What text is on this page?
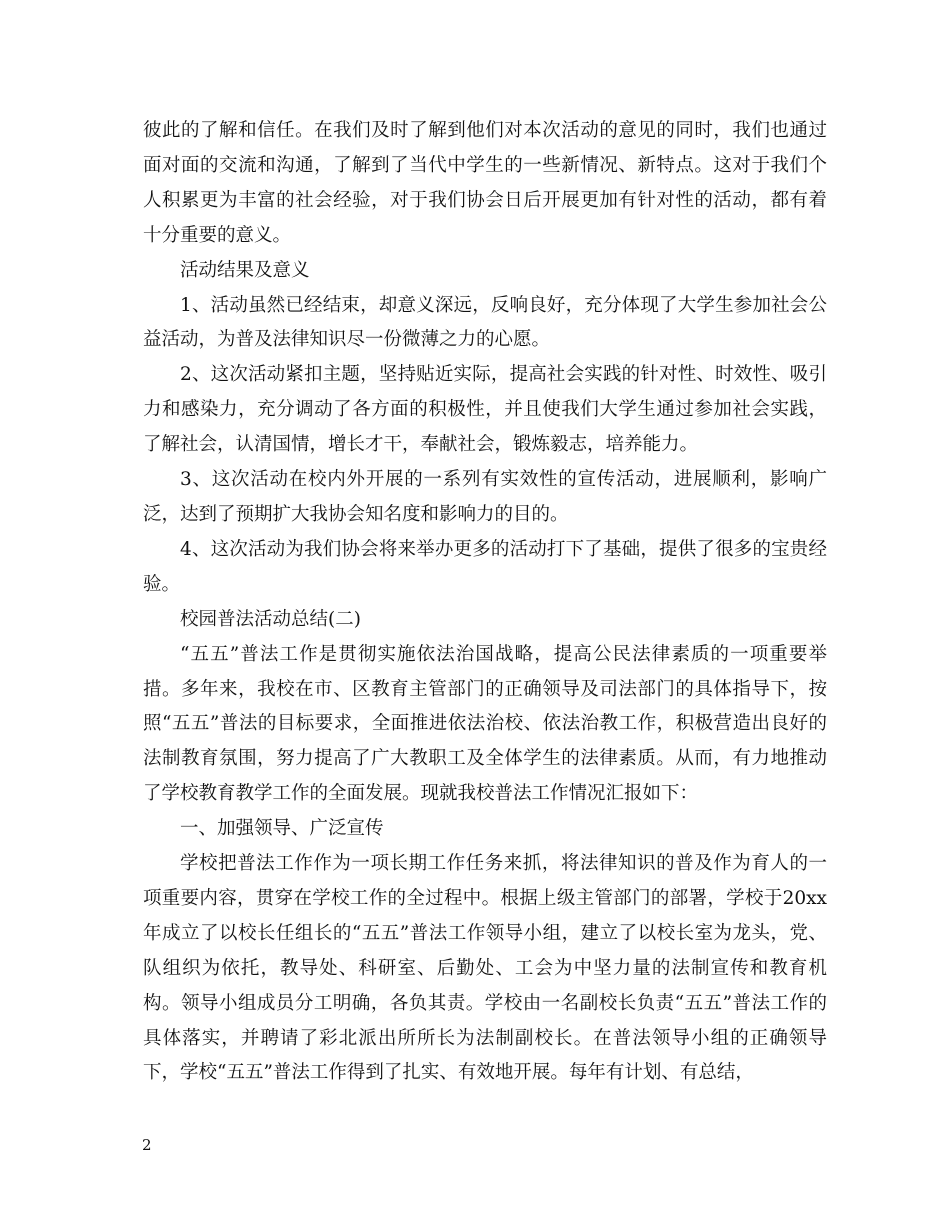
彼此的了解和信任。在我们及时了解到他们对本次活动的意见的同时，我们也通过面对面的交流和沟通，了解到了当代中学生的一些新情况、新特点。这对于我们个人积累更为丰富的社会经验，对于我们协会日后开展更加有针对性的活动，都有着十分重要的意义。

活动结果及意义

1、活动虽然已经结束，却意义深远，反响良好，充分体现了大学生参加社会公益活动，为普及法律知识尽一份微薄之力的心愿。

2、这次活动紧扣主题，坚持贴近实际，提高社会实践的针对性、时效性、吸引力和感染力，充分调动了各方面的积极性，并且使我们大学生通过参加社会实践，了解社会，认清国情，增长才干，奉献社会，锻炼毅志，培养能力。

3、这次活动在校内外开展的一系列有实效性的宣传活动，进展顺利，影响广泛，达到了预期扩大我协会知名度和影响力的目的。

4、这次活动为我们协会将来举办更多的活动打下了基础，提供了很多的宝贵经验。

校园普法活动总结(二)

“五五”普法工作是贯彻实施依法治国战略，提高公民法律素质的一项重要举措。多年来，我校在市、区教育主管部门的正确领导及司法部门的具体指导下，按照“五五”普法的目标要求，全面推进依法治校、依法治教工作，积极营造出良好的法制教育氛围，努力提高了广大教职工及全体学生的法律素质。从而，有力地推动了学校教育教学工作的全面发展。现就我校普法工作情况汇报如下：

一、加强领导、广泛宣传

学校把普法工作作为一项长期工作任务来抓，将法律知识的普及作为育人的一项重要内容，贯穿在学校工作的全过程中。根据上级主管部门的部署，学校于20xx年成立了以校长任组长的“五五”普法工作领导小组，建立了以校长室为龙头，党、队组织为依托，教导处、科研室、后勤处、工会为中坚力量的法制宣传和教育机构。领导小组成员分工明确，各负其责。学校由一名副校长负责“五五”普法工作的具体落实，并聘请了彩北派出所所长为法制副校长。在普法领导小组的正确领导下，学校“五五”普法工作得到了扎实、有效地开展。每年有计划、有总结，

2
